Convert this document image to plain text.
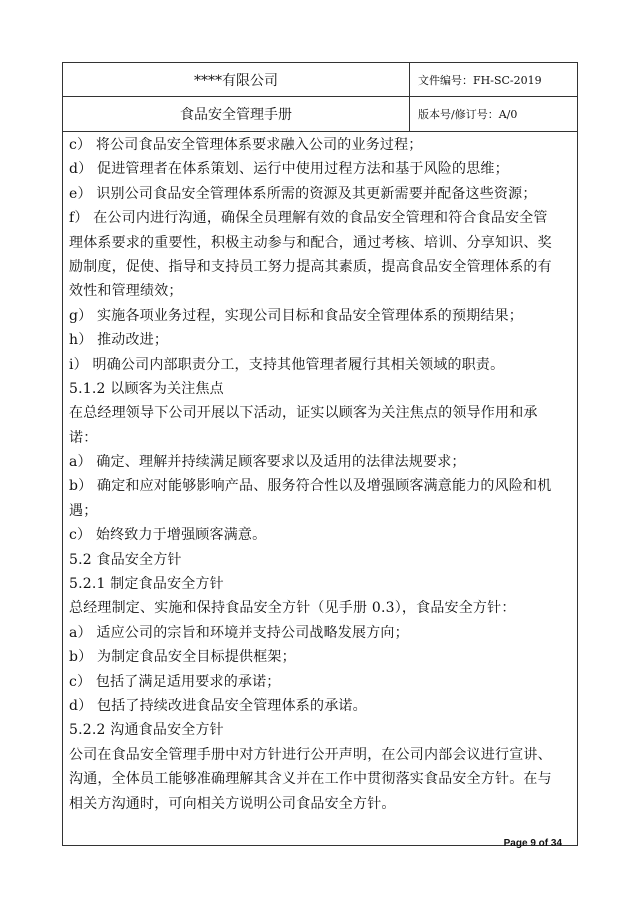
****有限公司	文件编号：FH-SC-2019
食品安全管理手册	版本号/修订号：A/0
c） 将公司食品安全管理体系要求融入公司的业务过程；
d） 促进管理者在体系策划、运行中使用过程方法和基于风险的思维；
e） 识别公司食品安全管理体系所需的资源及其更新需要并配备这些资源；
f） 在公司内进行沟通，确保全员理解有效的食品安全管理和符合食品安全管
理体系要求的重要性，积极主动参与和配合，通过考核、培训、分享知识、奖
励制度，促使、指导和支持员工努力提高其素质，提高食品安全管理体系的有
效性和管理绩效；
g） 实施各项业务过程，实现公司目标和食品安全管理体系的预期结果；
h） 推动改进；
i） 明确公司内部职责分工，支持其他管理者履行其相关领域的职责。
5.1.2 以顾客为关注焦点
在总经理领导下公司开展以下活动，证实以顾客为关注焦点的领导作用和承
诺：
a） 确定、理解并持续满足顾客要求以及适用的法律法规要求；
b） 确定和应对能够影响产品、服务符合性以及增强顾客满意能力的风险和机
遇；
c） 始终致力于增强顾客满意。
5.2 食品安全方针
5.2.1 制定食品安全方针
总经理制定、实施和保持食品安全方针（见手册 0.3），食品安全方针：
a） 适应公司的宗旨和环境并支持公司战略发展方向；
b） 为制定食品安全目标提供框架；
c） 包括了满足适用要求的承诺；
d） 包括了持续改进食品安全管理体系的承诺。
5.2.2 沟通食品安全方针
公司在食品安全管理手册中对方针进行公开声明，在公司内部会议进行宣讲、
沟通，全体员工能够准确理解其含义并在工作中贯彻落实食品安全方针。在与
相关方沟通时，可向相关方说明公司食品安全方针。
Page 9 of 34
